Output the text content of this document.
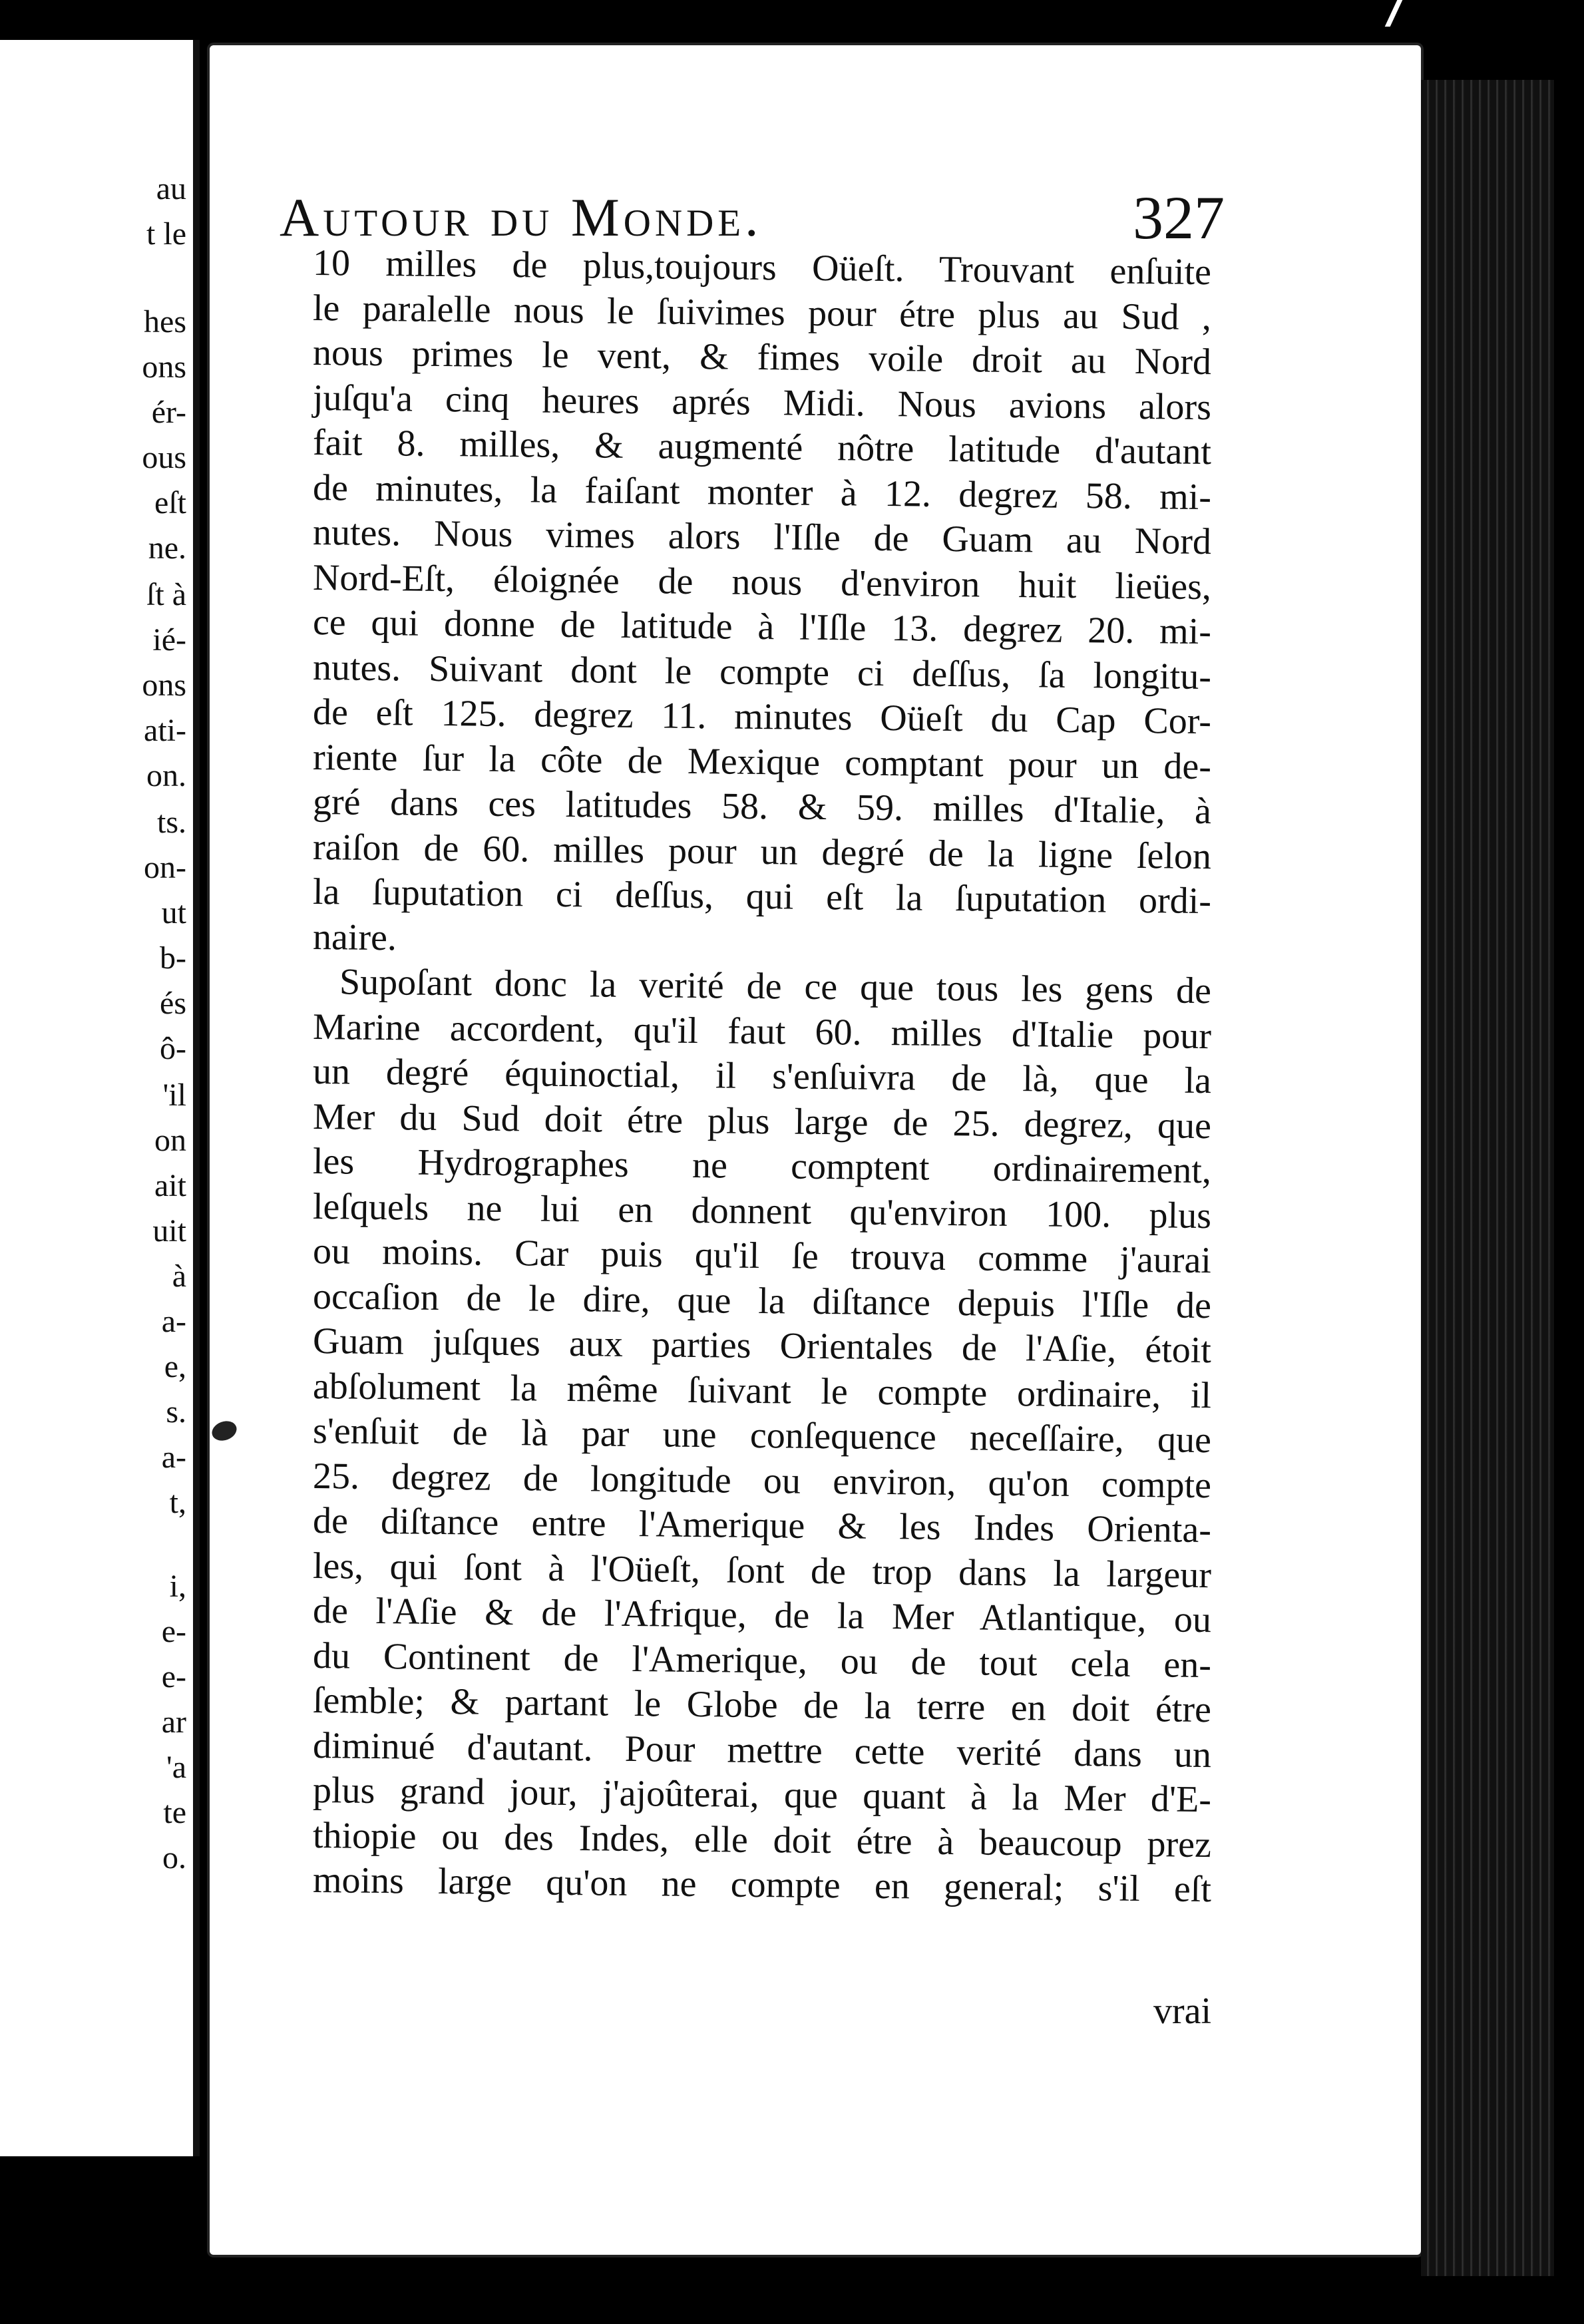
au
t le
hes
ons
ér-
ous
eſt
ne.
ſt à
ié-
ons
ati-
on.
ts.
on-
ut
b-
és
ô-
'il
on
ait
uit
à
a-
e,
s.
a-
t,
i,
e-
e-
ar
'a
te
o.
Autour du Monde.	327
10 milles de plus,toujours Oüeſt. Trouvant enſuite
le paralelle nous le ſuivimes pour étre plus au Sud ,
nous primes le vent, & fimes voile droit au Nord
juſqu'a cinq heures aprés Midi. Nous avions alors
fait 8. milles, & augmenté nôtre latitude d'autant
de minutes, la faiſant monter à 12. degrez 58. mi-
nutes. Nous vimes alors l'Iſle de Guam au Nord
Nord-Eſt, éloignée de nous d'environ huit lieües,
ce qui donne de latitude à l'Iſle 13. degrez 20. mi-
nutes. Suivant dont le compte ci deſſus, ſa longitu-
de eſt 125. degrez 11. minutes Oüeſt du Cap Cor-
riente ſur la côte de Mexique comptant pour un de-
gré dans ces latitudes 58. & 59. milles d'Italie, à
raiſon de 60. milles pour un degré de la ligne ſelon
la ſuputation ci deſſus, qui eſt la ſuputation ordi-
naire.
Supoſant donc la verité de ce que tous les gens de
Marine accordent, qu'il faut 60. milles d'Italie pour
un degré équinoctial, il s'enſuivra de là, que la
Mer du Sud doit étre plus large de 25. degrez, que
les Hydrographes ne comptent ordinairement,
leſquels ne lui en donnent qu'environ 100. plus
ou moins. Car puis qu'il ſe trouva comme j'aurai
occaſion de le dire, que la diſtance depuis l'Iſle de
Guam juſques aux parties Orientales de l'Aſie, étoit
abſolument la même ſuivant le compte ordinaire, il
s'enſuit de là par une conſequence neceſſaire, que
25. degrez de longitude ou environ, qu'on compte
de diſtance entre l'Amerique & les Indes Orienta-
les, qui ſont à l'Oüeſt, ſont de trop dans la largeur
de l'Aſie & de l'Afrique, de la Mer Atlantique, ou
du Continent de l'Amerique, ou de tout cela en-
ſemble; & partant le Globe de la terre en doit étre
diminué d'autant. Pour mettre cette verité dans un
plus grand jour, j'ajoûterai, que quant à la Mer d'E-
thiopie ou des Indes, elle doit étre à beaucoup prez
moins large qu'on ne compte en general; s'il eſt
vrai
